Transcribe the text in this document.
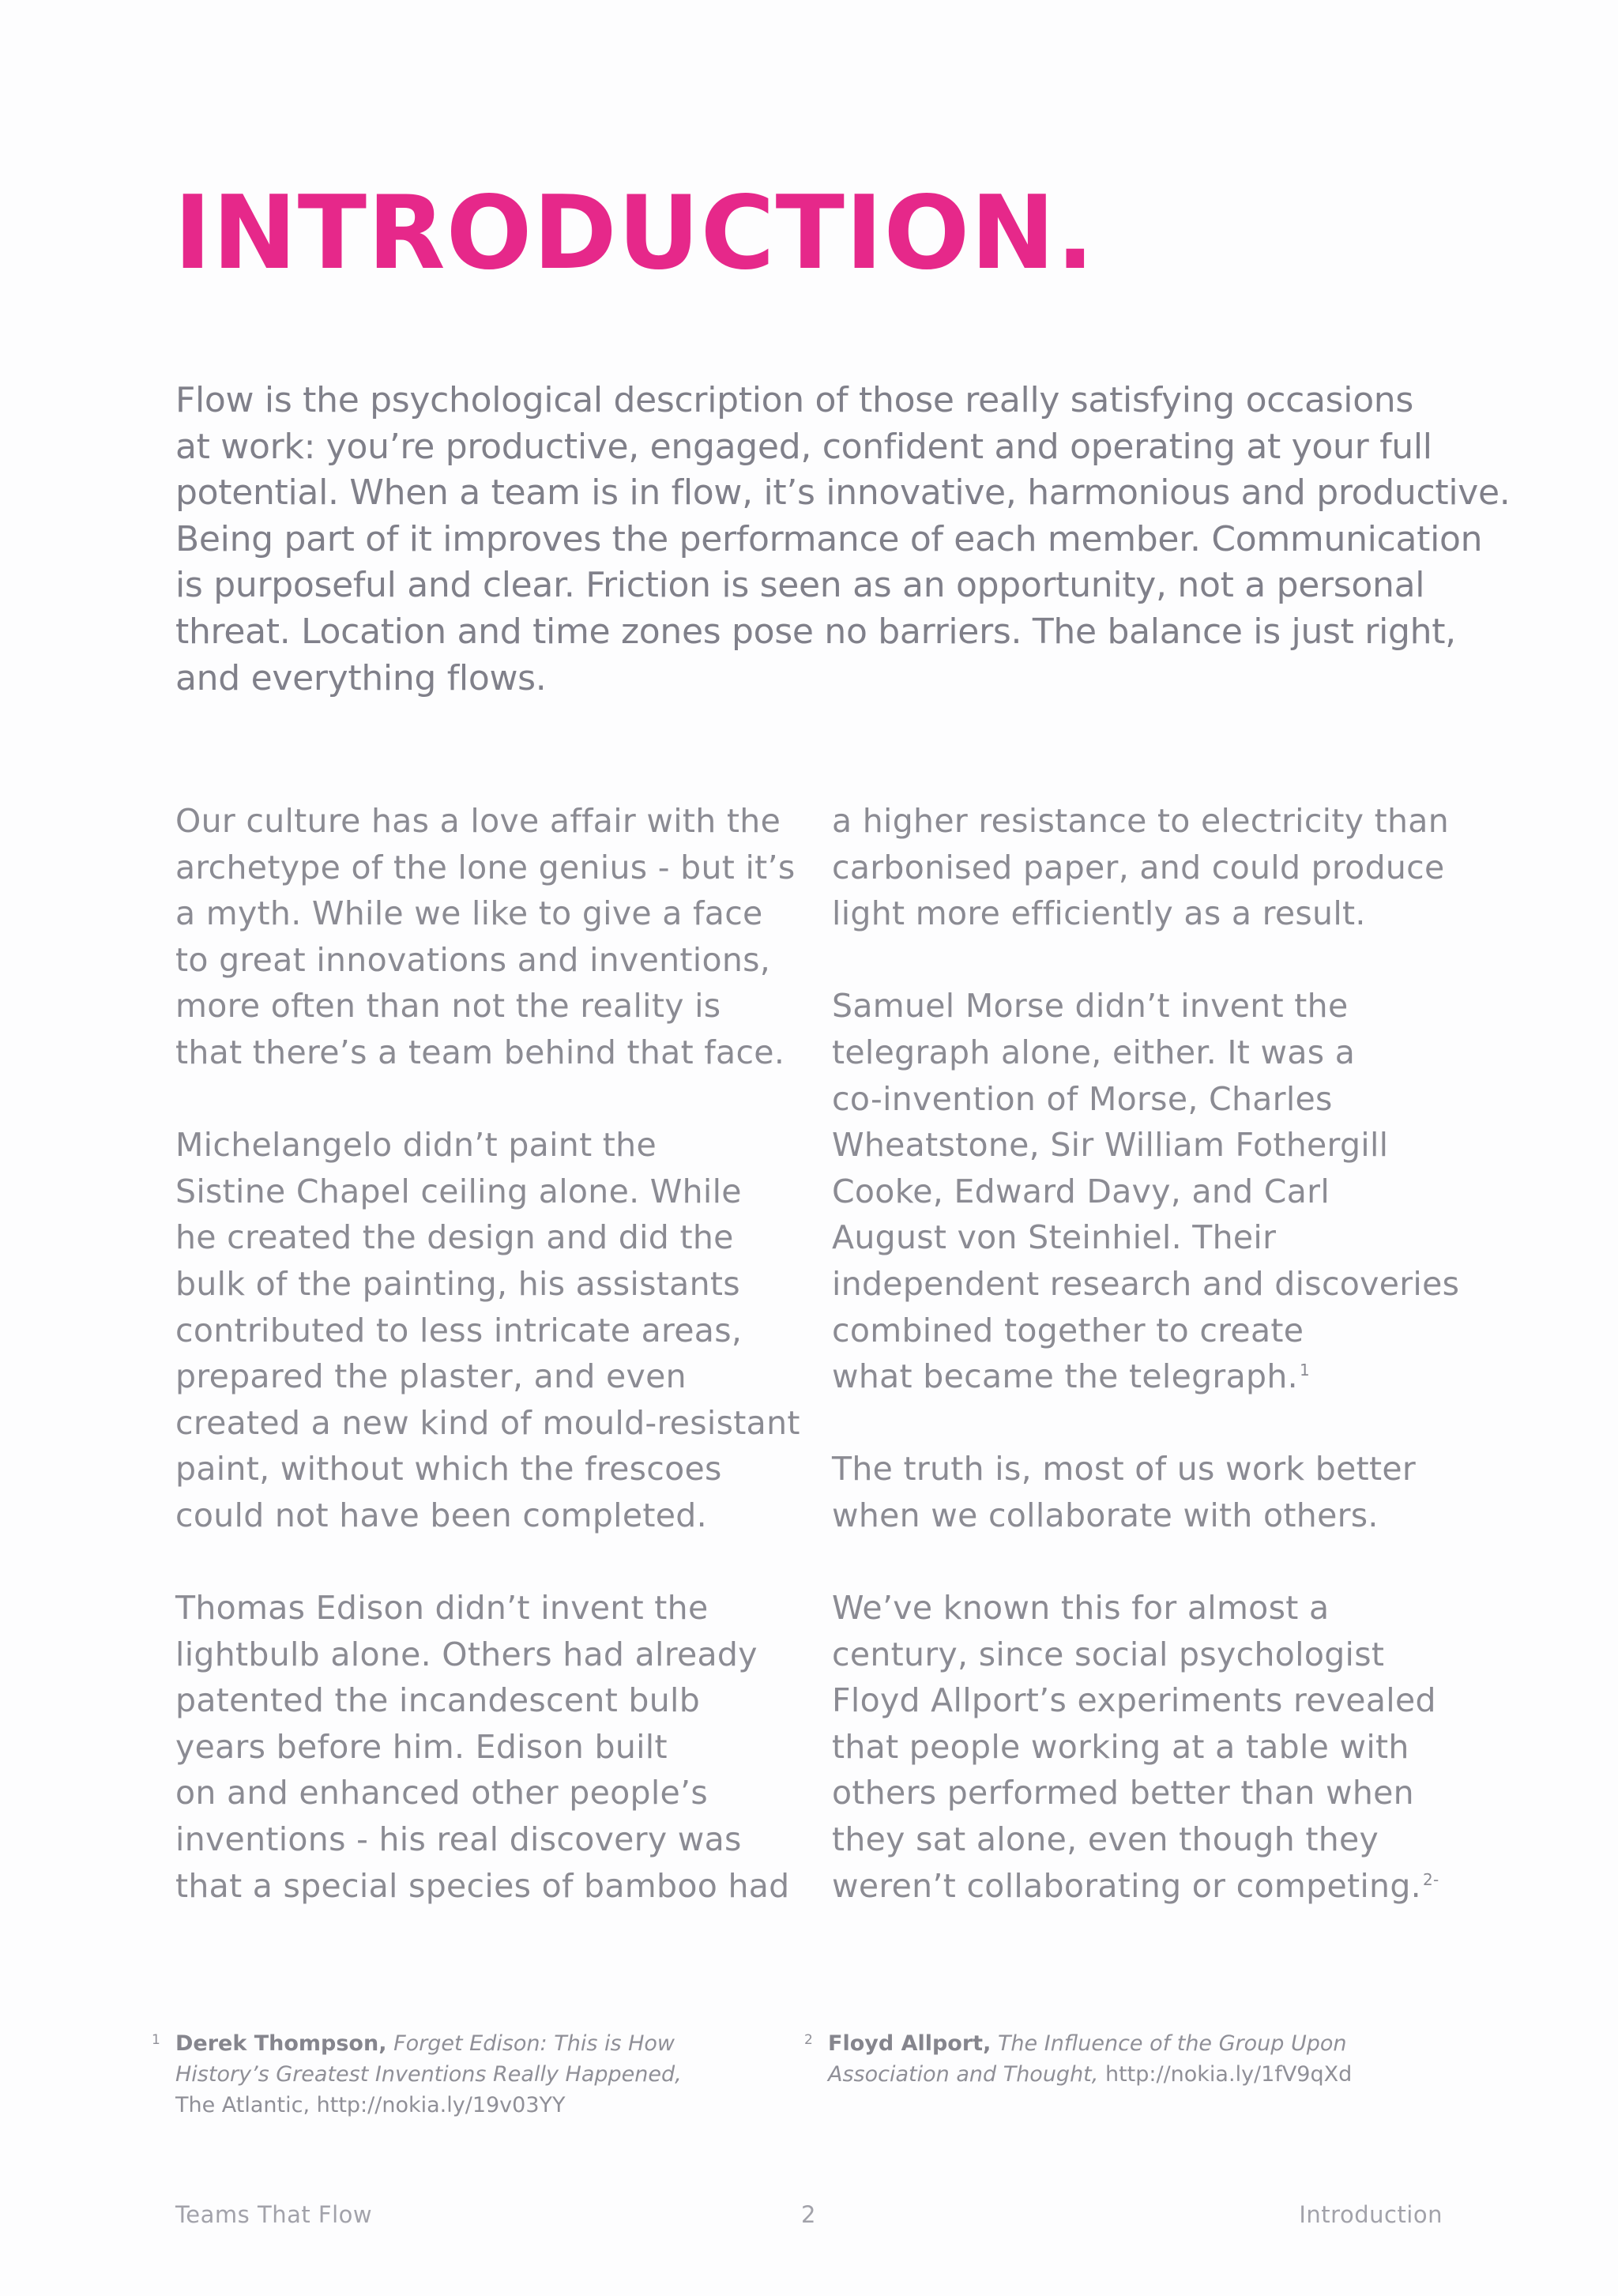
INTRODUCTION.
Flow is the psychological description of those really satisfying occasions
at work: you’re productive, engaged, confident and operating at your full
potential. When a team is in flow, it’s innovative, harmonious and productive.
Being part of it improves the performance of each member. Communication
is purposeful and clear. Friction is seen as an opportunity, not a personal
threat. Location and time zones pose no barriers. The balance is just right,
and everything flows.

Our culture has a love affair with the
archetype of the lone genius - but it’s
a myth. While we like to give a face
to great innovations and inventions,
more often than not the reality is
that there’s a team behind that face.

Michelangelo didn’t paint the
Sistine Chapel ceiling alone. While
he created the design and did the
bulk of the painting, his assistants
contributed to less intricate areas,
prepared the plaster, and even
created a new kind of mould-resistant
paint, without which the frescoes
could not have been completed.

Thomas Edison didn’t invent the
lightbulb alone. Others had already
patented the incandescent bulb
years before him. Edison built
on and enhanced other people’s
inventions - his real discovery was
that a special species of bamboo had

a higher resistance to electricity than
carbonised paper, and could produce
light more efficiently as a result.

Samuel Morse didn’t invent the
telegraph alone, either. It was a
co-invention of Morse, Charles
Wheatstone, Sir William Fothergill
Cooke, Edward Davy, and Carl
August von Steinhiel. Their
independent research and discoveries
combined together to create
what became the telegraph. $^1$

The truth is, most of us work better
when we collaborate with others.

We’ve known this for almost a
century, since social psychologist
Floyd Allport’s experiments revealed
that people working at a table with
others performed better than when
they sat alone, even though they
weren’t collaborating or competing. $^{2-}$

1 Derek Thompson, Forget Edison: This is How
History’s Greatest Inventions Really Happened,
The Atlantic, http://nokia.ly/19v03YY
2 Floyd Allport, The Influence of the Group Upon
Association and Thought, http://nokia.ly/1fV9qXd
Teams That Flow	2	Introduction
